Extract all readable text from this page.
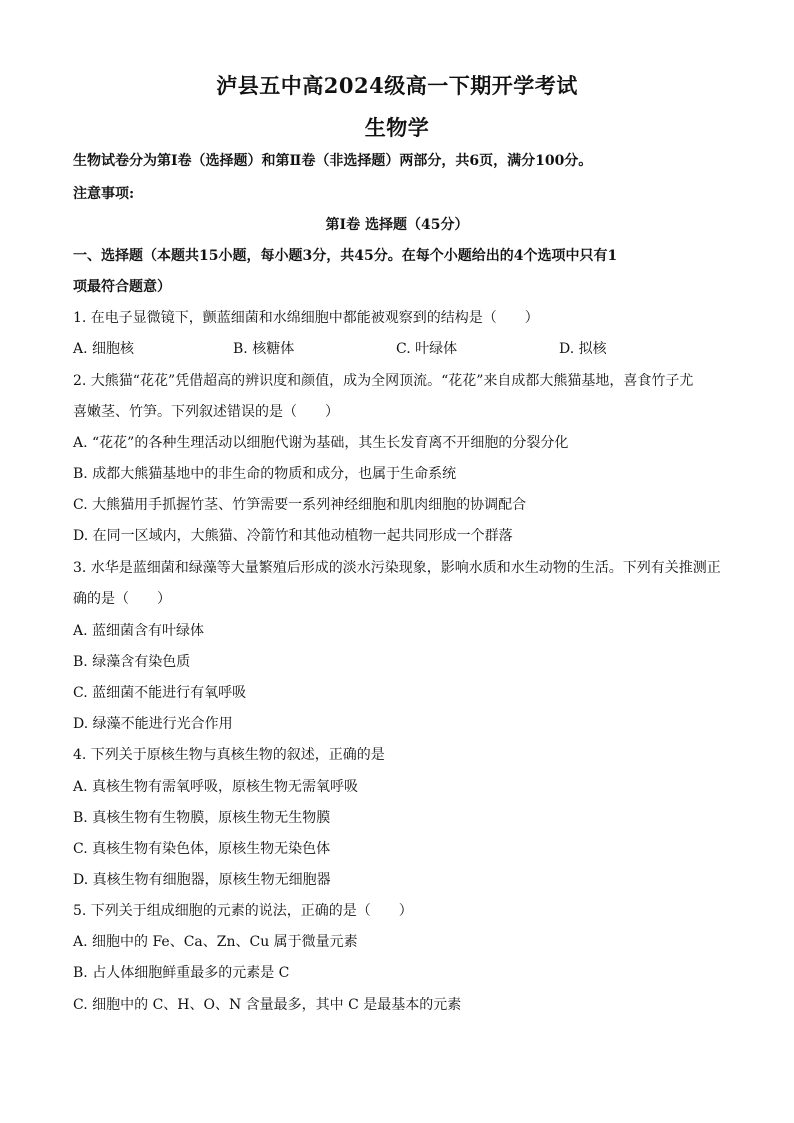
泸县五中高2024级高一下期开学考试
生物学
生物试卷分为第Ⅰ卷（选择题）和第Ⅱ卷（非选择题）两部分，共6页，满分100分。
注意事项:
第Ⅰ卷 选择题（45分）
一、选择题（本题共15小题，每小题3分，共45分。在每个小题给出的4个选项中只有1
项最符合题意）
1. 在电子显微镜下，颤蓝细菌和水绵细胞中都能被观察到的结构是（　　）
A. 细胞核	B. 核糖体	C. 叶绿体	D. 拟核
2. 大熊猫“花花”凭借超高的辨识度和颜值，成为全网顶流。“花花”来自成都大熊猫基地，喜食竹子尤
喜嫩茎、竹笋。下列叙述错误的是（　　）
A. “花花”的各种生理活动以细胞代谢为基础，其生长发育离不开细胞的分裂分化
B. 成都大熊猫基地中的非生命的物质和成分，也属于生命系统
C. 大熊猫用手抓握竹茎、竹笋需要一系列神经细胞和肌肉细胞的协调配合
D. 在同一区域内，大熊猫、冷箭竹和其他动植物一起共同形成一个群落
3. 水华是蓝细菌和绿藻等大量繁殖后形成的淡水污染现象，影响水质和水生动物的生活。下列有关推测正
确的是（　　）
A. 蓝细菌含有叶绿体
B. 绿藻含有染色质
C. 蓝细菌不能进行有氧呼吸
D. 绿藻不能进行光合作用
4. 下列关于原核生物与真核生物的叙述，正确的是
A. 真核生物有需氧呼吸，原核生物无需氧呼吸
B. 真核生物有生物膜，原核生物无生物膜
C. 真核生物有染色体，原核生物无染色体
D. 真核生物有细胞器，原核生物无细胞器
5. 下列关于组成细胞的元素的说法，正确的是（　　）
A. 细胞中的 Fe、Ca、Zn、Cu 属于微量元素
B. 占人体细胞鲜重最多的元素是 C
C. 细胞中的 C、H、O、N 含量最多，其中 C 是最基本的元素
